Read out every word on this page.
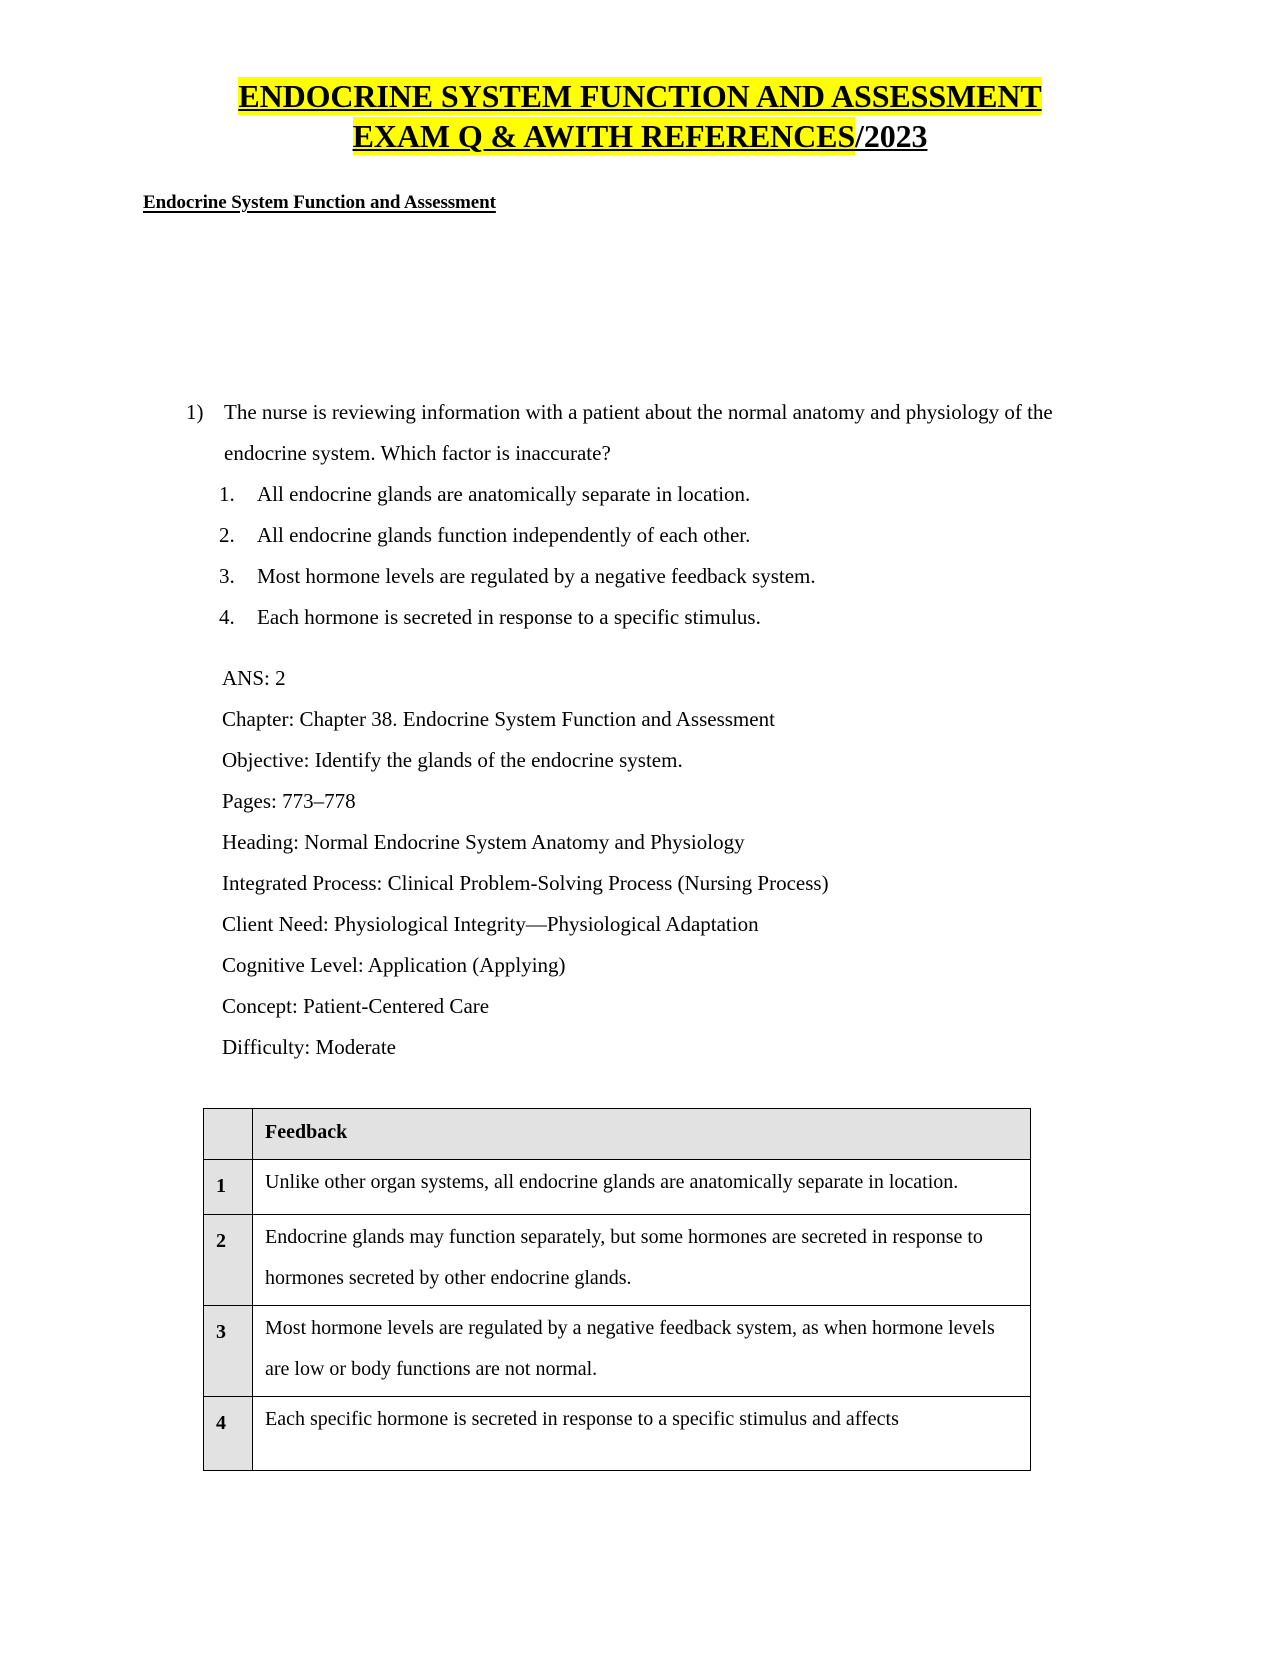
ENDOCRINE SYSTEM FUNCTION AND ASSESSMENT
EXAM Q & AWITH REFERENCES/2023
Endocrine System Function and Assessment
1) The nurse is reviewing information with a patient about the normal anatomy and physiology of the endocrine system. Which factor is inaccurate?
1.	All endocrine glands are anatomically separate in location.
2.	All endocrine glands function independently of each other.
3.	Most hormone levels are regulated by a negative feedback system.
4.	Each hormone is secreted in response to a specific stimulus.
ANS: 2
Chapter: Chapter 38. Endocrine System Function and Assessment
Objective: Identify the glands of the endocrine system.
Pages: 773–778
Heading: Normal Endocrine System Anatomy and Physiology
Integrated Process: Clinical Problem-Solving Process (Nursing Process)
Client Need: Physiological Integrity—Physiological Adaptation
Cognitive Level: Application (Applying)
Concept: Patient-Centered Care
Difficulty: Moderate
	Feedback
1	Unlike other organ systems, all endocrine glands are anatomically separate in location.
2	Endocrine glands may function separately, but some hormones are secreted in response to hormones secreted by other endocrine glands.
3	Most hormone levels are regulated by a negative feedback system, as when hormone levels are low or body functions are not normal.
4	Each specific hormone is secreted in response to a specific stimulus and affects
